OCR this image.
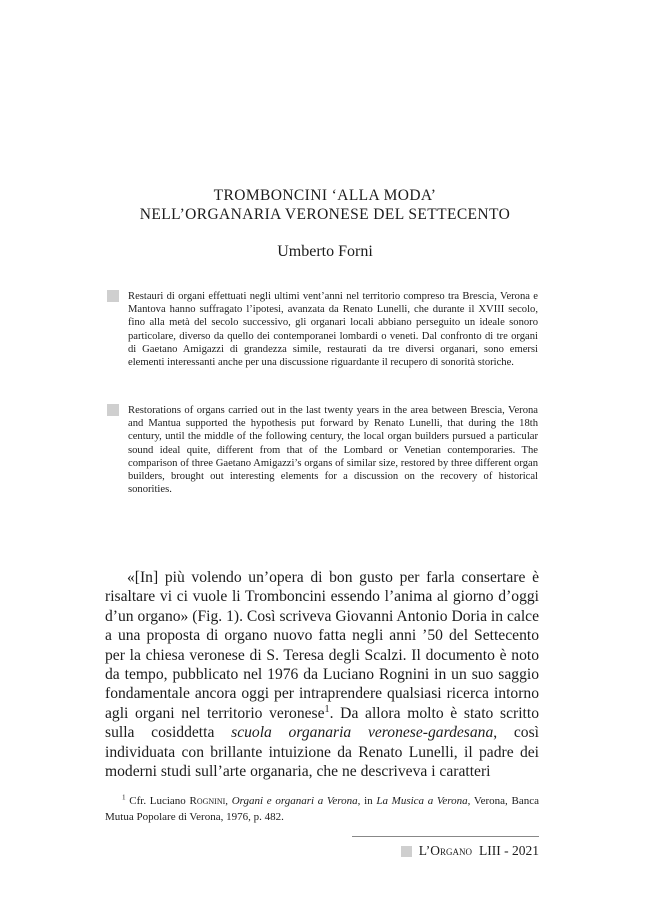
TROMBONCINI ‘ALLA MODA’
NELL’ORGANARIA VERONESE DEL SETTECENTO
Umberto Forni
Restauri di organi effettuati negli ultimi vent’anni nel territorio compreso tra Brescia, Verona e Mantova hanno suffragato l’ipotesi, avanzata da Renato Lunelli, che durante il XVIII secolo, fino alla metà del secolo successivo, gli organari locali abbiano perseguito un ideale sonoro particolare, diverso da quello dei contemporanei lombardi o veneti. Dal confronto di tre organi di Gaetano Amigazzi di grandezza simile, restaurati da tre diversi organari, sono emersi elementi interessanti anche per una discussione riguardante il recupero di sonorità storiche.
Restorations of organs carried out in the last twenty years in the area between Brescia, Verona and Mantua supported the hypothesis put forward by Renato Lunelli, that during the 18th century, until the middle of the following century, the local organ builders pursued a particular sound ideal quite, different from that of the Lombard or Venetian contemporaries. The comparison of three Gaetano Amigazzi’s organs of similar size, restored by three different organ builders, brought out interesting elements for a discussion on the recovery of historical sonorities.

«[In] più volendo un’opera di bon gusto per farla consertare è risaltare vi ci vuole li Tromboncini essendo l’anima al giorno d’oggi d’un organo» (Fig. 1). Così scriveva Giovanni Antonio Doria in calce a una proposta di organo nuovo fatta negli anni ’50 del Settecento per la chiesa veronese di S. Teresa degli Scalzi. Il documento è noto da tempo, pubblicato nel 1976 da Luciano Rognini in un suo saggio fondamentale ancora oggi per intraprendere qualsiasi ricerca intorno agli organi nel territorio veronese$^1$. Da allora molto è stato scritto sulla cosiddetta scuola organaria veronese-gardesana, così individuata con brillante intuizione da Renato Lunelli, il padre dei moderni studi sull’arte organaria, che ne descriveva i caratteri

$^1$ Cfr. Luciano Rognini, Organi e organari a Verona, in La Musica a Verona, Verona, Banca Mutua Popolare di Verona, 1976, p. 482.

L’Organo LIII - 2021
